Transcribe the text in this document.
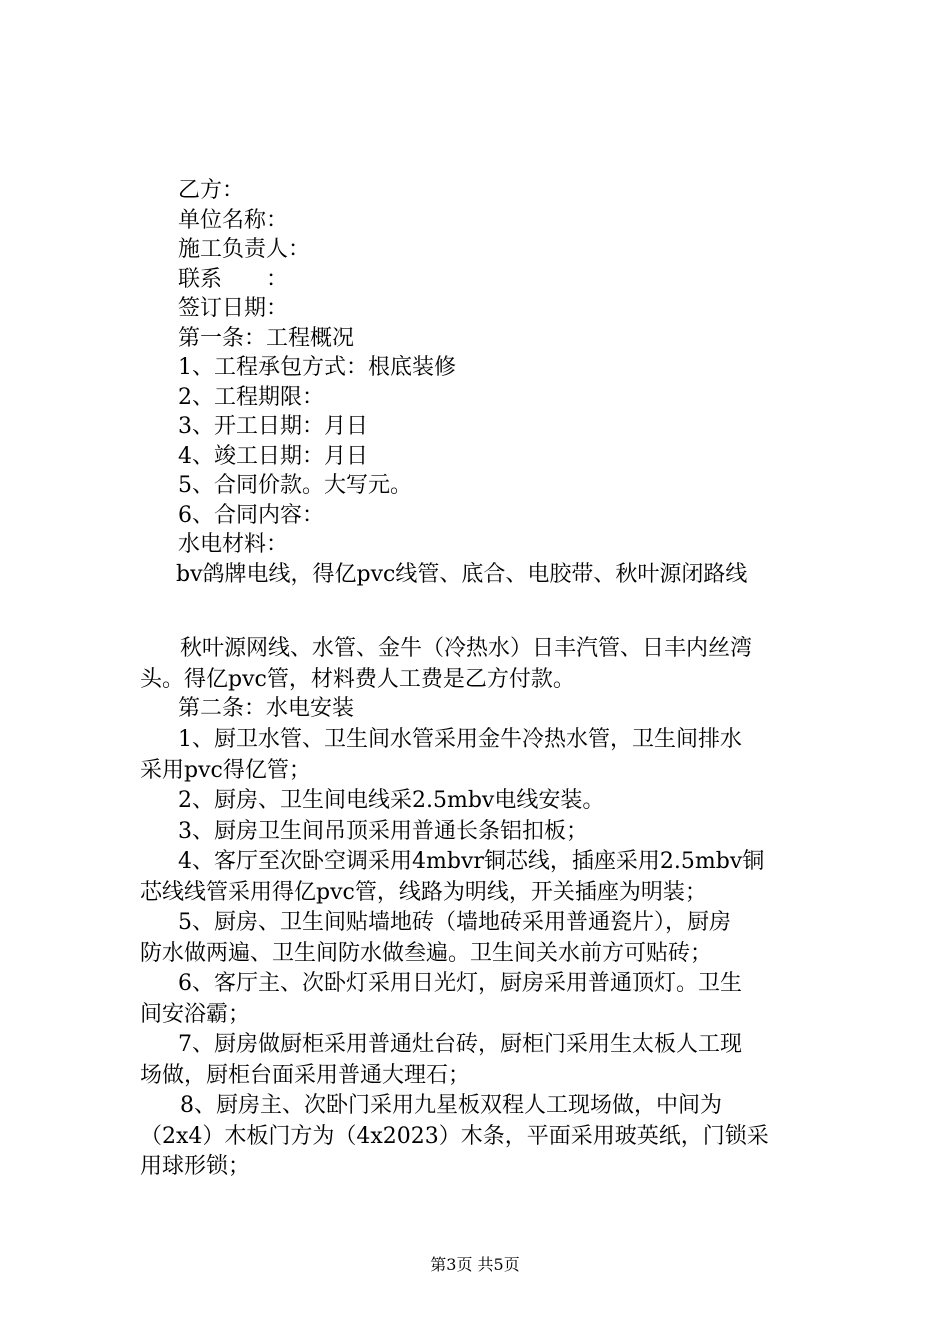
乙方：
单位名称：
施工负责人：
联系　　：
签订日期：
第一条：工程概况
1、工程承包方式：根底装修
2、工程期限：
3、开工日期：月日
4、竣工日期：月日
5、合同价款。大写元。
6、合同内容：
水电材料：
bv鸽牌电线，得亿pvc线管、底合、电胶带、秋叶源闭路线
秋叶源网线、水管、金牛（冷热水）日丰汽管、日丰内丝湾
头。得亿pvc管，材料费人工费是乙方付款。
第二条：水电安装
1、厨卫水管、卫生间水管采用金牛冷热水管，卫生间排水
采用pvc得亿管；
2、厨房、卫生间电线采2.5mbv电线安装。
3、厨房卫生间吊顶采用普通长条铝扣板；
4、客厅至次卧空调采用4mbvr铜芯线，插座采用2.5mbv铜
芯线线管采用得亿pvc管，线路为明线，开关插座为明装；
5、厨房、卫生间贴墙地砖（墙地砖采用普通瓷片），厨房
防水做两遍、卫生间防水做叁遍。卫生间关水前方可贴砖；
6、客厅主、次卧灯采用日光灯，厨房采用普通顶灯。卫生
间安浴霸；
7、厨房做厨柜采用普通灶台砖，厨柜门采用生太板人工现
场做，厨柜台面采用普通大理石；
8、厨房主、次卧门采用九星板双程人工现场做，中间为
（2x4）木板门方为（4x2023）木条，平面采用玻英纸，门锁采
用球形锁；
第3页 共5页
